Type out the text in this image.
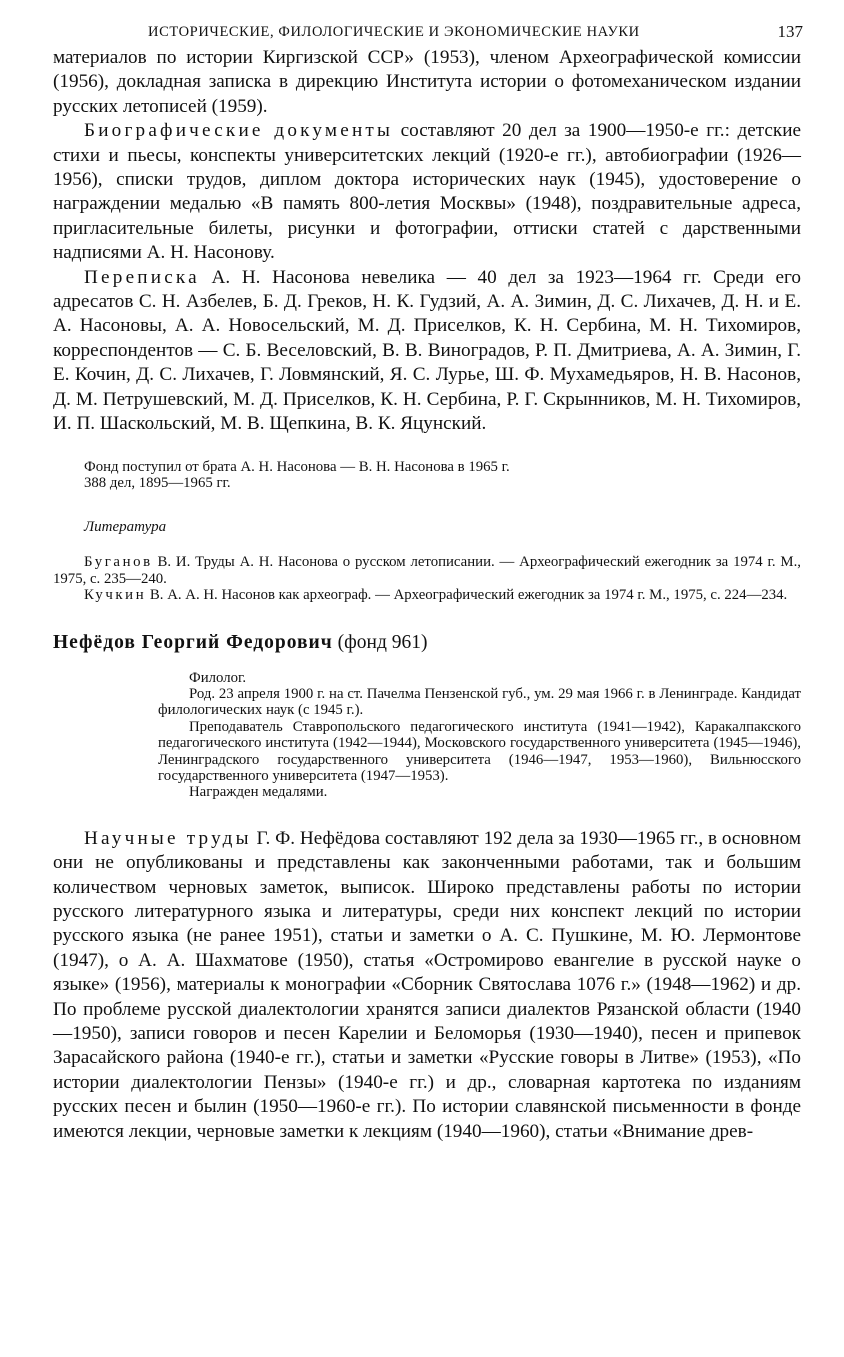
ИСТОРИЧЕСКИЕ, ФИЛОЛОГИЧЕСКИЕ И ЭКОНОМИЧЕСКИЕ НАУКИ	137

материалов по истории Киргизской ССР» (1953), членом Археографической комиссии (1956), докладная записка в дирекцию Института истории о фотомеханическом издании русских летописей (1959).

Биографические документы составляют 20 дел за 1900—1950-е гг.: детские стихи и пьесы, конспекты университетских лекций (1920-е гг.), автобиографии (1926—1956), списки трудов, диплом доктора исторических наук (1945), удостоверение о награждении медалью «В память 800-летия Москвы» (1948), поздравительные адреса, пригласительные билеты, рисунки и фотографии, оттиски статей с дарственными надписями А. Н. Насонову.

Переписка А. Н. Насонова невелика — 40 дел за 1923—1964 гг. Среди его адресатов С. Н. Азбелев, Б. Д. Греков, Н. К. Гудзий, А. А. Зимин, Д. С. Лихачев, Д. Н. и Е. А. Насоновы, А. А. Новосельский, М. Д. Приселков, К. Н. Сербина, М. Н. Тихомиров, корреспондентов — С. Б. Веселовский, В. В. Виноградов, Р. П. Дмитриева, А. А. Зимин, Г. Е. Кочин, Д. С. Лихачев, Г. Ловмянский, Я. С. Лурье, Ш. Ф. Мухамедьяров, Н. В. Насонов, Д. М. Петрушевский, М. Д. Приселков, К. Н. Сербина, Р. Г. Скрынников, М. Н. Тихомиров, И. П. Шаскольский, М. В. Щепкина, В. К. Яцунский.

Фонд поступил от брата А. Н. Насонова — В. Н. Насонова в 1965 г.

388 дел, 1895—1965 гг.

Литература

Буганов В. И. Труды А. Н. Насонова о русском летописании. — Археографический ежегодник за 1974 г. М., 1975, с. 235—240.

Кучкин В. А. А. Н. Насонов как археограф. — Археографический ежегодник за 1974 г. М., 1975, с. 224—234.

Нефёдов Георгий Федорович (фонд 961)

Филолог.

Род. 23 апреля 1900 г. на ст. Пачелма Пензенской губ., ум. 29 мая 1966 г. в Ленинграде. Кандидат филологических наук (с 1945 г.).

Преподаватель Ставропольского педагогического института (1941—1942), Каракалпакского педагогического института (1942—1944), Московского государственного университета (1945—1946), Ленинградского государственного университета (1946—1947, 1953—1960), Вильнюсского государственного университета (1947—1953).

Награжден медалями.

Научные труды Г. Ф. Нефёдова составляют 192 дела за 1930—1965 гг., в основном они не опубликованы и представлены как законченными работами, так и большим количеством черновых заметок, выписок. Широко представлены работы по истории русского литературного языка и литературы, среди них конспект лекций по истории русского языка (не ранее 1951), статьи и заметки о А. С. Пушкине, М. Ю. Лермонтове (1947), о А. А. Шахматове (1950), статья «Остромирово евангелие в русской науке о языке» (1956), материалы к монографии «Сборник Святослава 1076 г.» (1948—1962) и др. По проблеме русской диалектологии хранятся записи диалектов Рязанской области (1940—1950), записи говоров и песен Карелии и Беломорья (1930—1940), песен и припевок Зарасайского района (1940-е гг.), статьи и заметки «Русские говоры в Литве» (1953), «По истории диалектологии Пензы» (1940-е гг.) и др., словарная картотека по изданиям русских песен и былин (1950—1960-е гг.). По истории славянской письменности в фонде имеются лекции, черновые заметки к лекциям (1940—1960), статьи «Внимание древ-
